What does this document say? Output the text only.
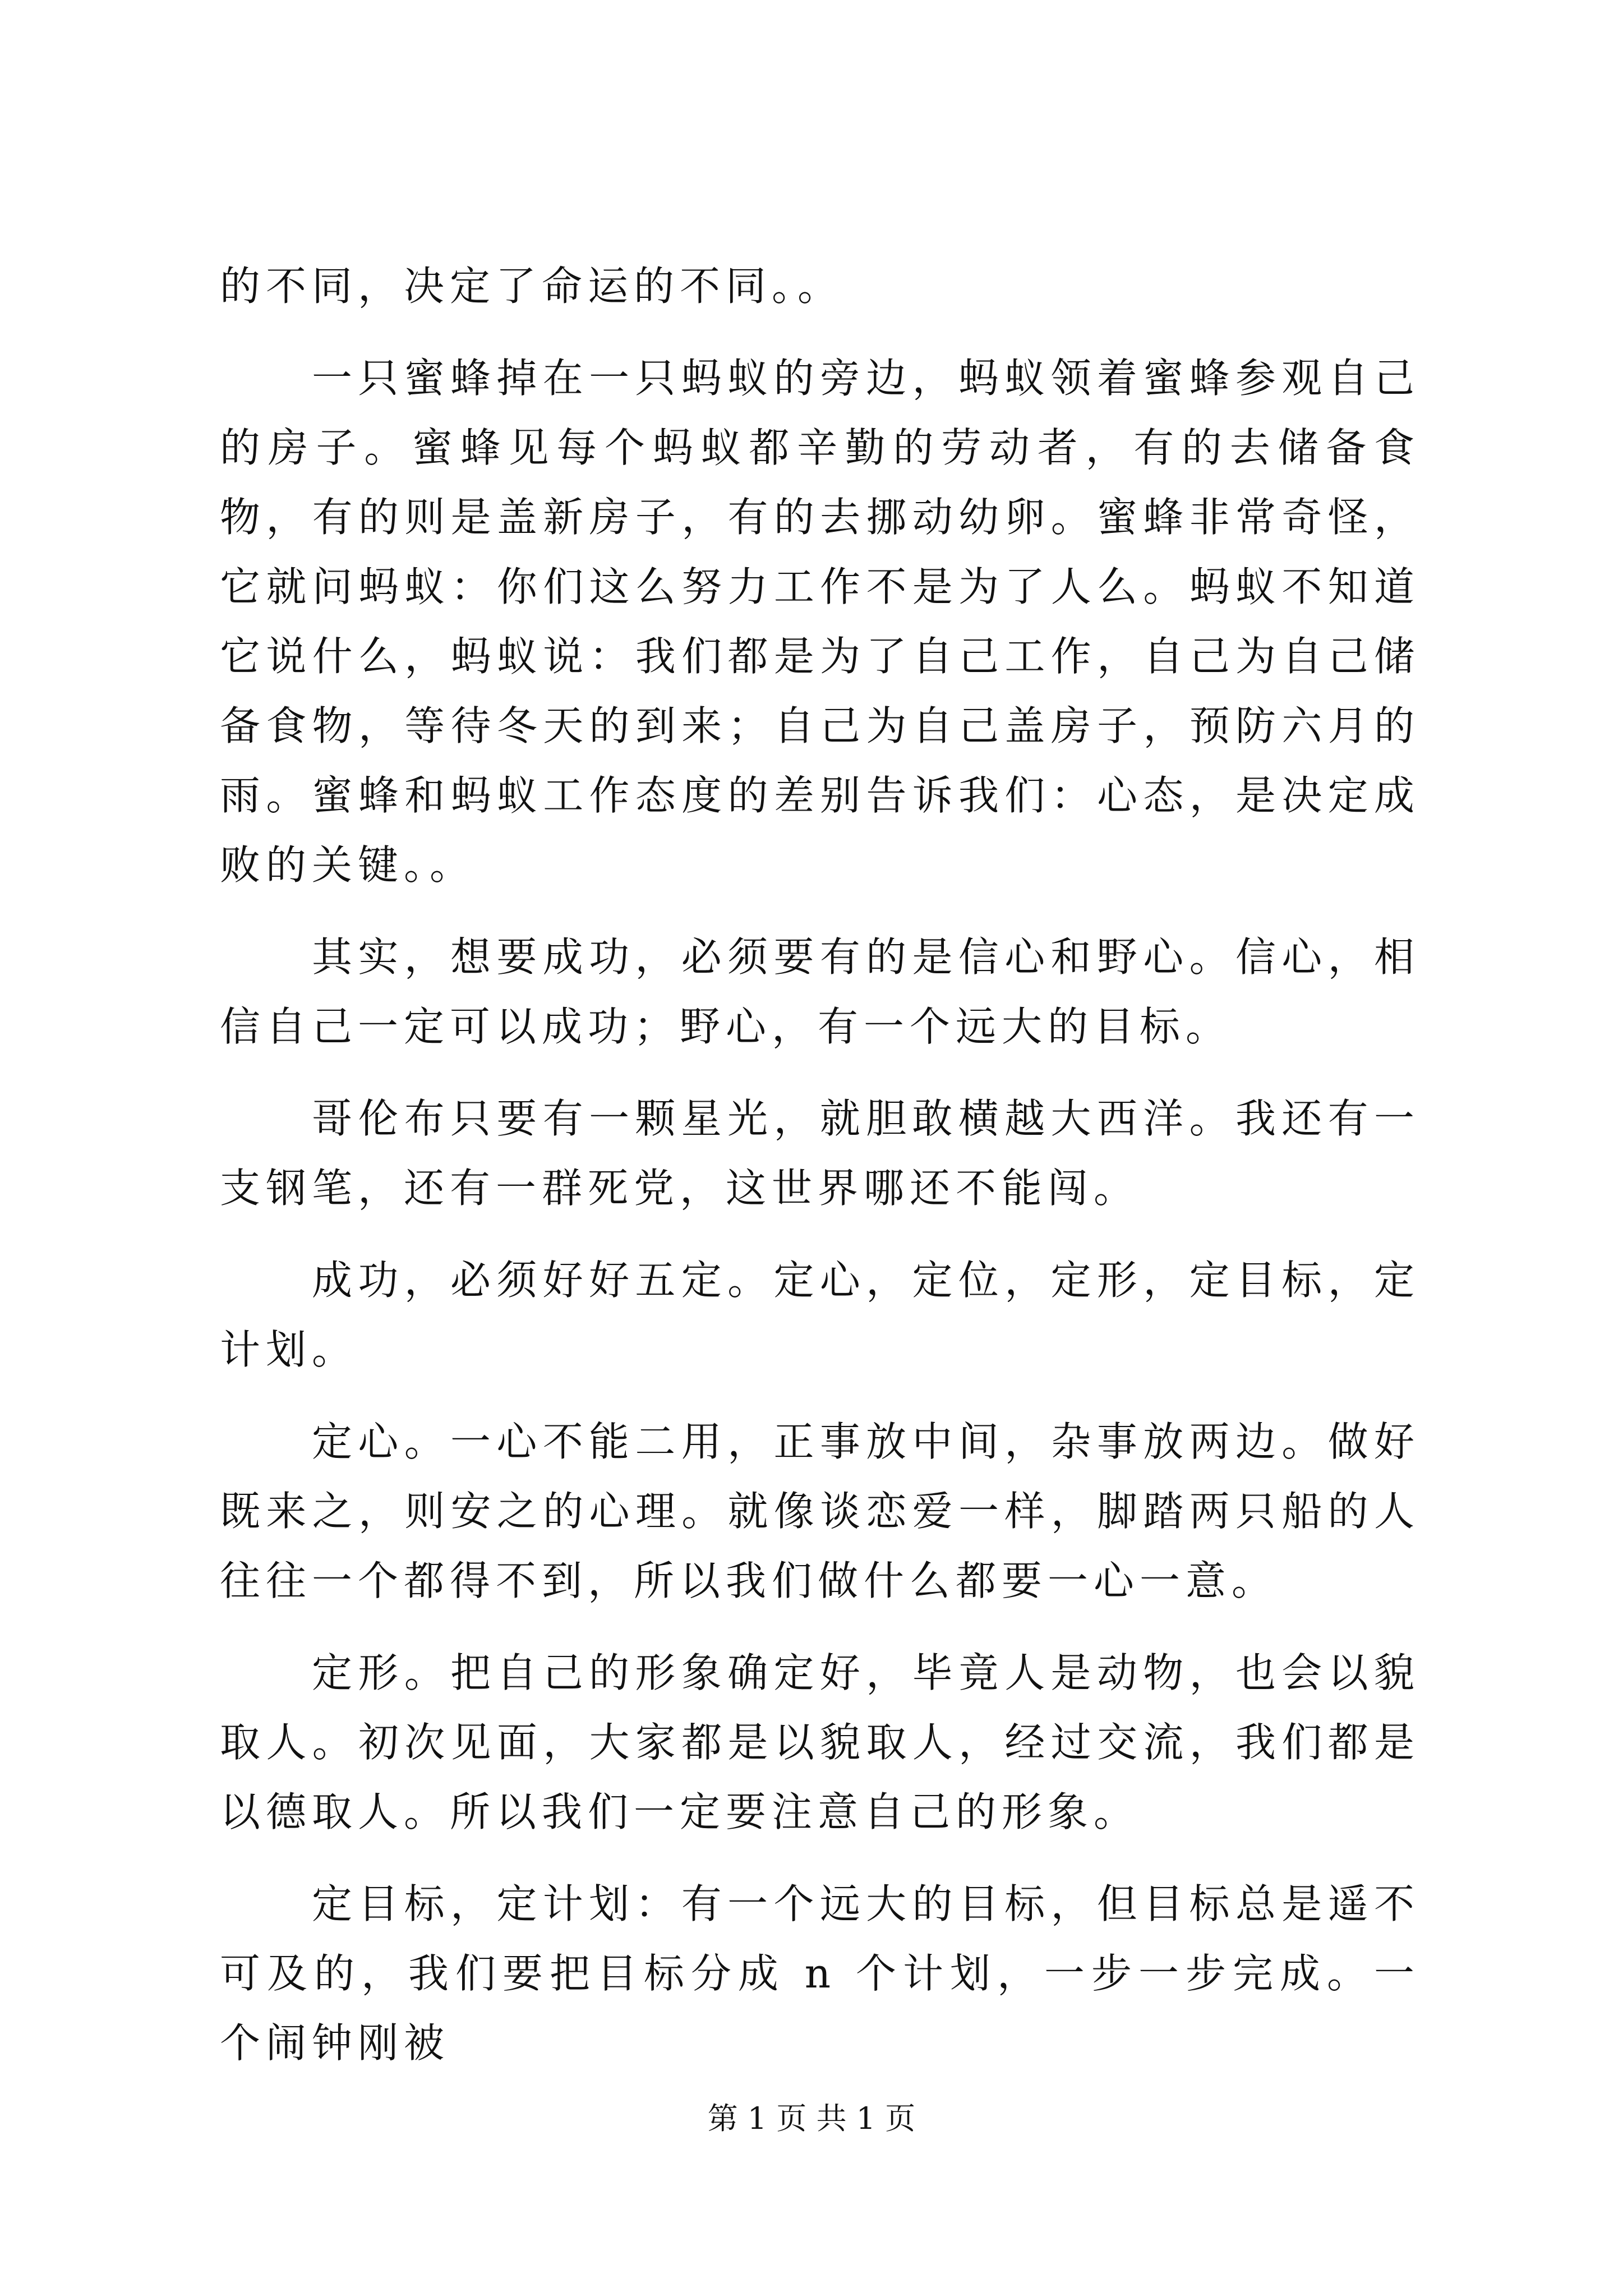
的不同，决定了命运的不同。。

一只蜜蜂掉在一只蚂蚁的旁边，蚂蚁领着蜜蜂参观自己的房子。蜜蜂见每个蚂蚁都辛勤的劳动者，有的去储备食物，有的则是盖新房子，有的去挪动幼卵。蜜蜂非常奇怪，它就问蚂蚁：你们这么努力工作不是为了人么。蚂蚁不知道它说什么，蚂蚁说：我们都是为了自己工作，自己为自己储备食物，等待冬天的到来；自己为自己盖房子，预防六月的雨。蜜蜂和蚂蚁工作态度的差别告诉我们：心态，是决定成败的关键。。

其实，想要成功，必须要有的是信心和野心。信心，相信自己一定可以成功；野心，有一个远大的目标。

哥伦布只要有一颗星光，就胆敢横越大西洋。我还有一支钢笔，还有一群死党，这世界哪还不能闯。

成功，必须好好五定。定心，定位，定形，定目标，定计划。

定心。一心不能二用，正事放中间，杂事放两边。做好既来之，则安之的心理。就像谈恋爱一样，脚踏两只船的人往往一个都得不到，所以我们做什么都要一心一意。

定形。把自己的形象确定好，毕竟人是动物，也会以貌取人。初次见面，大家都是以貌取人，经过交流，我们都是以德取人。所以我们一定要注意自己的形象。

定目标，定计划：有一个远大的目标，但目标总是遥不可及的，我们要把目标分成 n 个计划，一步一步完成。一个闹钟刚被

第 1 页 共 1 页
